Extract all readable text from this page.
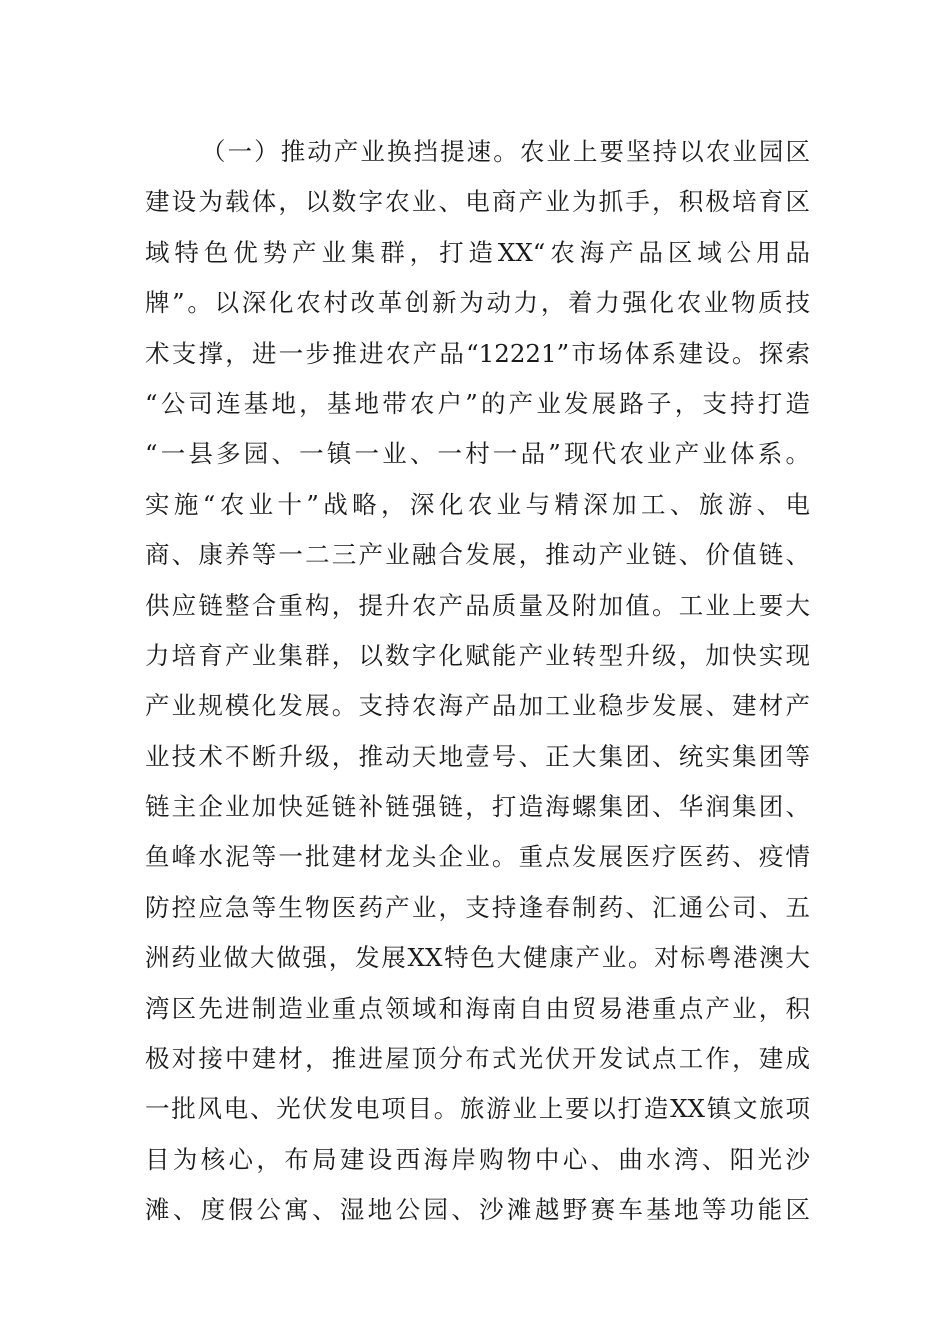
（一）推动产业换挡提速。农业上要坚持以农业园区
建设为载体，以数字农业、电商产业为抓手，积极培育区
域特色优势产业集群，打造XX“农海产品区域公用品
牌”。以深化农村改革创新为动力，着力强化农业物质技
术支撑，进一步推进农产品“12221”市场体系建设。探索
“公司连基地，基地带农户”的产业发展路子，支持打造
“一县多园、一镇一业、一村一品”现代农业产业体系。
实施“农业十”战略，深化农业与精深加工、旅游、电
商、康养等一二三产业融合发展，推动产业链、价值链、
供应链整合重构，提升农产品质量及附加值。工业上要大
力培育产业集群，以数字化赋能产业转型升级，加快实现
产业规模化发展。支持农海产品加工业稳步发展、建材产
业技术不断升级，推动天地壹号、正大集团、统实集团等
链主企业加快延链补链强链，打造海螺集团、华润集团、
鱼峰水泥等一批建材龙头企业。重点发展医疗医药、疫情
防控应急等生物医药产业，支持逢春制药、汇通公司、五
洲药业做大做强，发展XX特色大健康产业。对标粤港澳大
湾区先进制造业重点领域和海南自由贸易港重点产业，积
极对接中建材，推进屋顶分布式光伏开发试点工作，建成
一批风电、光伏发电项目。旅游业上要以打造XX镇文旅项
目为核心，布局建设西海岸购物中心、曲水湾、阳光沙
滩、度假公寓、湿地公园、沙滩越野赛车基地等功能区
